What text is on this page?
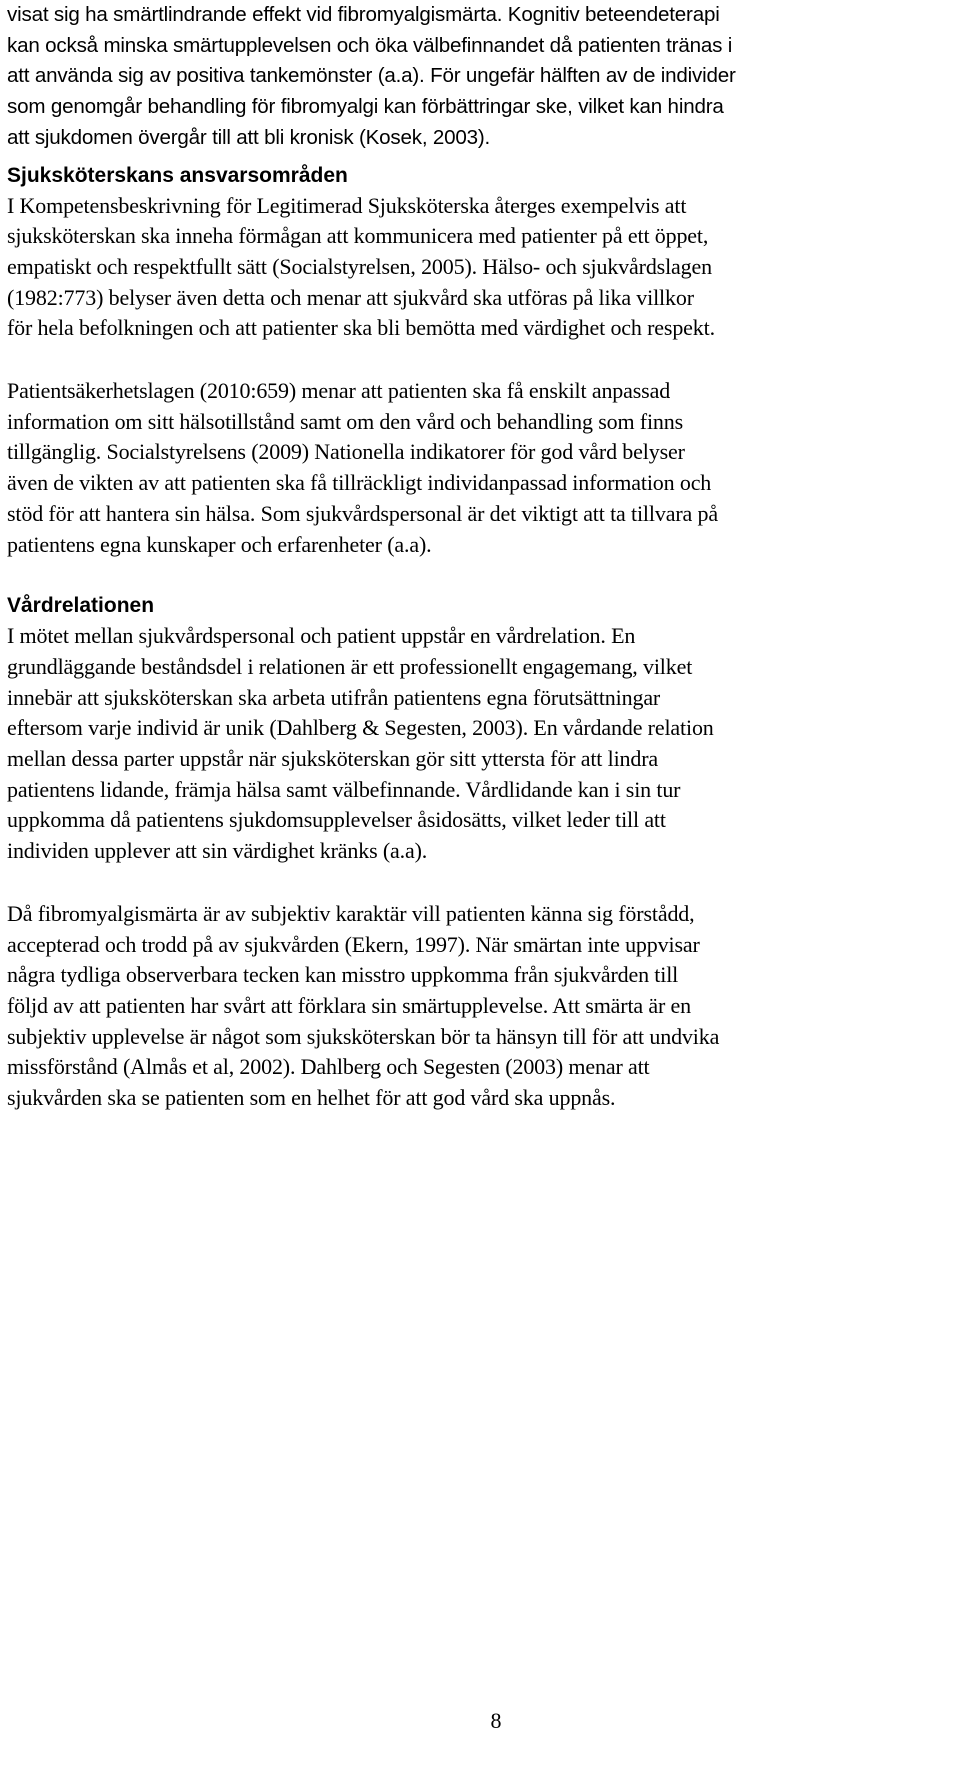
visat sig ha smärtlindrande effekt vid fibromyalgismärta. Kognitiv beteendeterapi
kan också minska smärtupplevelsen och öka välbefinnandet då patienten tränas i
att använda sig av positiva tankemönster (a.a). För ungefär hälften av de individer
som genomgår behandling för fibromyalgi kan förbättringar ske, vilket kan hindra
att sjukdomen övergår till att bli kronisk (Kosek, 2003).

Sjuksköterskans ansvarsområden

I Kompetensbeskrivning för Legitimerad Sjuksköterska återges exempelvis att
sjuksköterskan ska inneha förmågan att kommunicera med patienter på ett öppet,
empatiskt och respektfullt sätt (Socialstyrelsen, 2005). Hälso- och sjukvårdslagen
(1982:773) belyser även detta och menar att sjukvård ska utföras på lika villkor
för hela befolkningen och att patienter ska bli bemötta med värdighet och respekt.

Patientsäkerhetslagen (2010:659) menar att patienten ska få enskilt anpassad
information om sitt hälsotillstånd samt om den vård och behandling som finns
tillgänglig. Socialstyrelsens (2009) Nationella indikatorer för god vård belyser
även de vikten av att patienten ska få tillräckligt individanpassad information och
stöd för att hantera sin hälsa. Som sjukvårdspersonal är det viktigt att ta tillvara på
patientens egna kunskaper och erfarenheter (a.a).

Vårdrelationen

I mötet mellan sjukvårdspersonal och patient uppstår en vårdrelation. En
grundläggande beståndsdel i relationen är ett professionellt engagemang, vilket
innebär att sjuksköterskan ska arbeta utifrån patientens egna förutsättningar
eftersom varje individ är unik (Dahlberg & Segesten, 2003). En vårdande relation
mellan dessa parter uppstår när sjuksköterskan gör sitt yttersta för att lindra
patientens lidande, främja hälsa samt välbefinnande. Vårdlidande kan i sin tur
uppkomma då patientens sjukdomsupplevelser åsidosätts, vilket leder till att
individen upplever att sin värdighet kränks (a.a).

Då fibromyalgismärta är av subjektiv karaktär vill patienten känna sig förstådd,
accepterad och trodd på av sjukvården (Ekern, 1997). När smärtan inte uppvisar
några tydliga observerbara tecken kan misstro uppkomma från sjukvården till
följd av att patienten har svårt att förklara sin smärtupplevelse. Att smärta är en
subjektiv upplevelse är något som sjuksköterskan bör ta hänsyn till för att undvika
missförstånd (Almås et al, 2002). Dahlberg och Segesten (2003) menar att
sjukvården ska se patienten som en helhet för att god vård ska uppnås.

8
